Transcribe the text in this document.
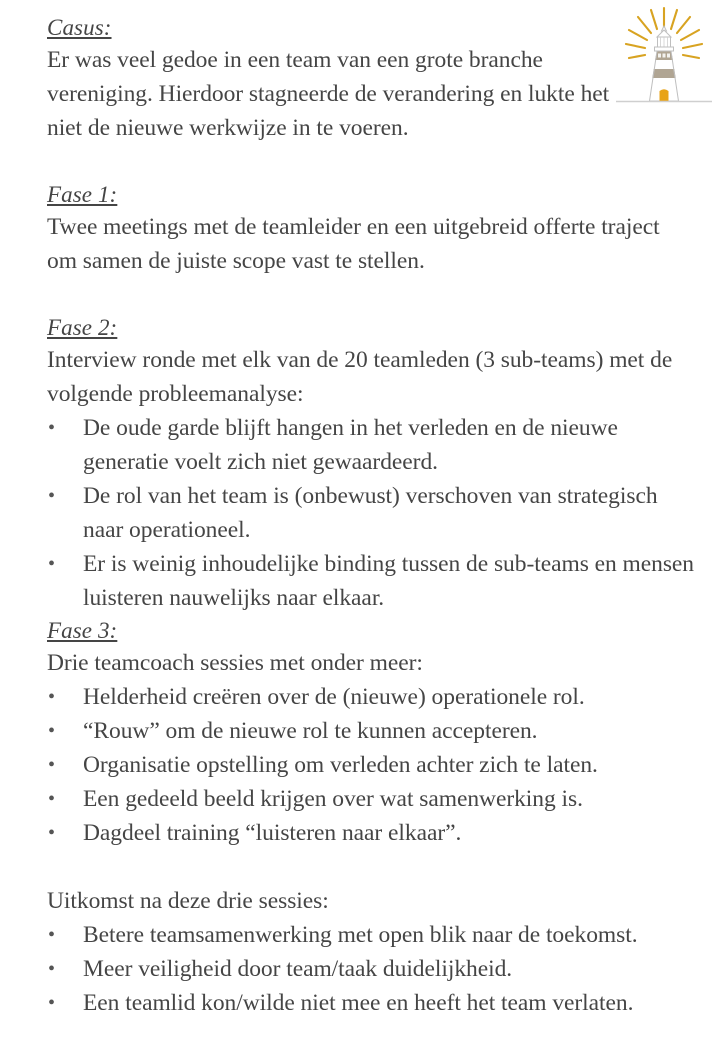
Casus:

Er was veel gedoe in een team van een grote branche vereniging. Hierdoor stagneerde de verandering en lukte het niet de nieuwe werkwijze in te voeren.

Fase 1:

Twee meetings met de teamleider en een uitgebreid offerte traject om samen de juiste scope vast te stellen.

Fase 2:

Interview ronde met elk van de 20 teamleden (3 sub-teams) met de volgende probleemanalyse:

• De oude garde blijft hangen in het verleden en de nieuwe generatie voelt zich niet gewaardeerd.
• De rol van het team is (onbewust) verschoven van strategisch naar operationeel.
• Er is weinig inhoudelijke binding tussen de sub-teams en mensen luisteren nauwelijks naar elkaar.
Fase 3:

Drie teamcoach sessies met onder meer:

• Helderheid creëren over de (nieuwe) operationele rol.
• “Rouw” om de nieuwe rol te kunnen accepteren.
• Organisatie opstelling om verleden achter zich te laten.
• Een gedeeld beeld krijgen over wat samenwerking is.
• Dagdeel training “luisteren naar elkaar”.

Uitkomst na deze drie sessies:

• Betere teamsamenwerking met open blik naar de toekomst.
• Meer veiligheid door team/taak duidelijkheid.
• Een teamlid kon/wilde niet mee en heeft het team verlaten.
